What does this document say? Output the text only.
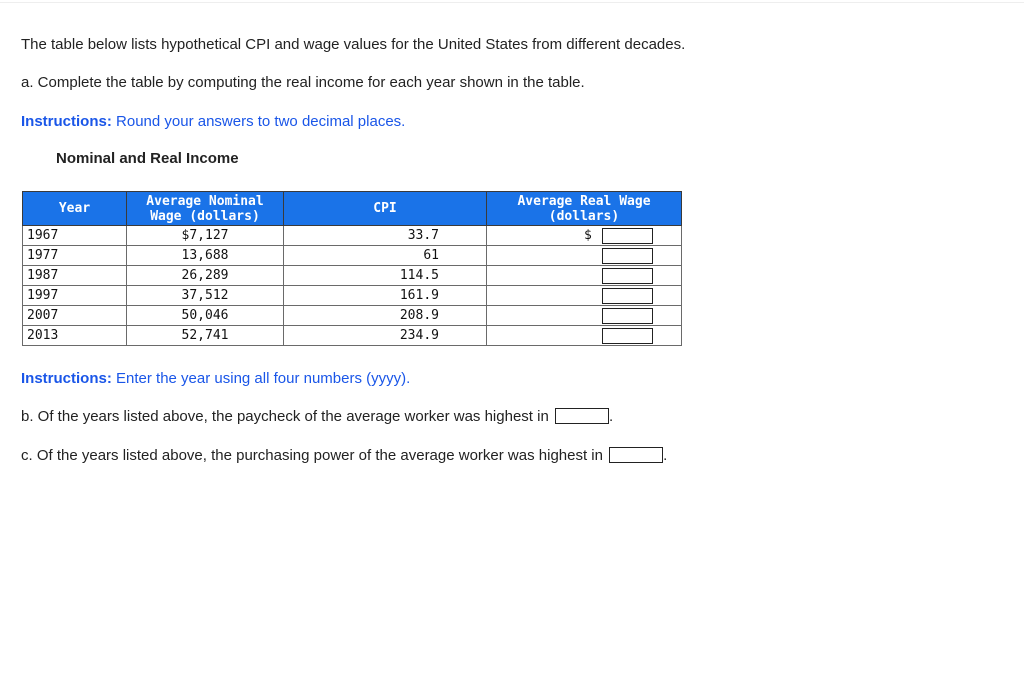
The table below lists hypothetical CPI and wage values for the United States from different decades.
a. Complete the table by computing the real income for each year shown in the table.
Instructions: Round your answers to two decimal places.
Nominal and Real Income
Year	Average Nominal Wage (dollars)	CPI	Average Real Wage (dollars)
1967	$7,127	33.7	$

1977	13,688	61	

1987	26,289	114.5	

1997	37,512	161.9	

2007	50,046	208.9	

2013	52,741	234.9	
Instructions: Enter the year using all four numbers (yyyy).
b. Of the years listed above, the paycheck of the average worker was highest in	.
c. Of the years listed above, the purchasing power of the average worker was highest in	.
